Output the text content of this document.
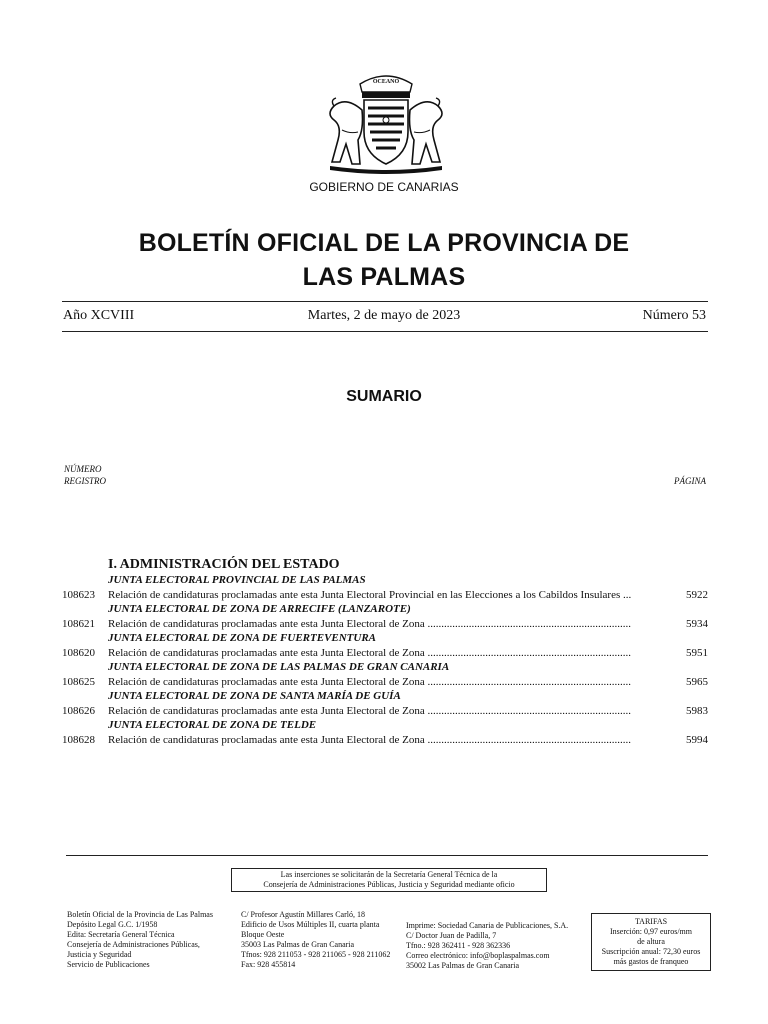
OCEANO
GOBIERNO DE CANARIAS
BOLETÍN OFICIAL DE LA PROVINCIA DE
LAS PALMAS
Año XCVIII	Martes, 2 de mayo de 2023	Número 53
SUMARIO
NÚMERO
REGISTRO	PÁGINA
I. ADMINISTRACIÓN DEL ESTADO
JUNTA ELECTORAL PROVINCIAL DE LAS PALMAS
108623	Relación de candidaturas proclamadas ante esta Junta Electoral Provincial en las Elecciones a los Cabildos Insulares ...	5922
JUNTA ELECTORAL DE ZONA DE ARRECIFE (LANZAROTE)
108621	Relación de candidaturas proclamadas ante esta Junta Electoral de Zona ..........................................................................	5934
JUNTA ELECTORAL DE ZONA DE FUERTEVENTURA
108620	Relación de candidaturas proclamadas ante esta Junta Electoral de Zona ..........................................................................	5951
JUNTA ELECTORAL DE ZONA DE LAS PALMAS DE GRAN CANARIA
108625	Relación de candidaturas proclamadas ante esta Junta Electoral de Zona ..........................................................................	5965
JUNTA ELECTORAL DE ZONA DE SANTA MARÍA DE GUÍA
108626	Relación de candidaturas proclamadas ante esta Junta Electoral de Zona ..........................................................................	5983
JUNTA ELECTORAL DE ZONA DE TELDE
108628	Relación de candidaturas proclamadas ante esta Junta Electoral de Zona ..........................................................................	5994
Las inserciones se solicitarán de la Secretaría General Técnica de la
Consejería de Administraciones Públicas, Justicia y Seguridad mediante oficio
Boletín Oficial de la Provincia de Las Palmas
Depósito Legal G.C. 1/1958
Edita: Secretaría General Técnica
Consejería de Administraciones Públicas,
Justicia y Seguridad
Servicio de Publicaciones
C/ Profesor Agustín Millares Carló, 18
Edificio de Usos Múltiples II, cuarta planta
Bloque Oeste
35003 Las Palmas de Gran Canaria
Tfnos: 928 211053 - 928 211065 - 928 211062
Fax: 928 455814
Imprime: Sociedad Canaria de Publicaciones, S.A.
C/ Doctor Juan de Padilla, 7
Tfno.: 928 362411 - 928 362336
Correo electrónico: info@boplaspalmas.com
35002 Las Palmas de Gran Canaria
TARIFAS
Inserción: 0,97 euros/mm
de altura
Suscripción anual: 72,30 euros
más gastos de franqueo
